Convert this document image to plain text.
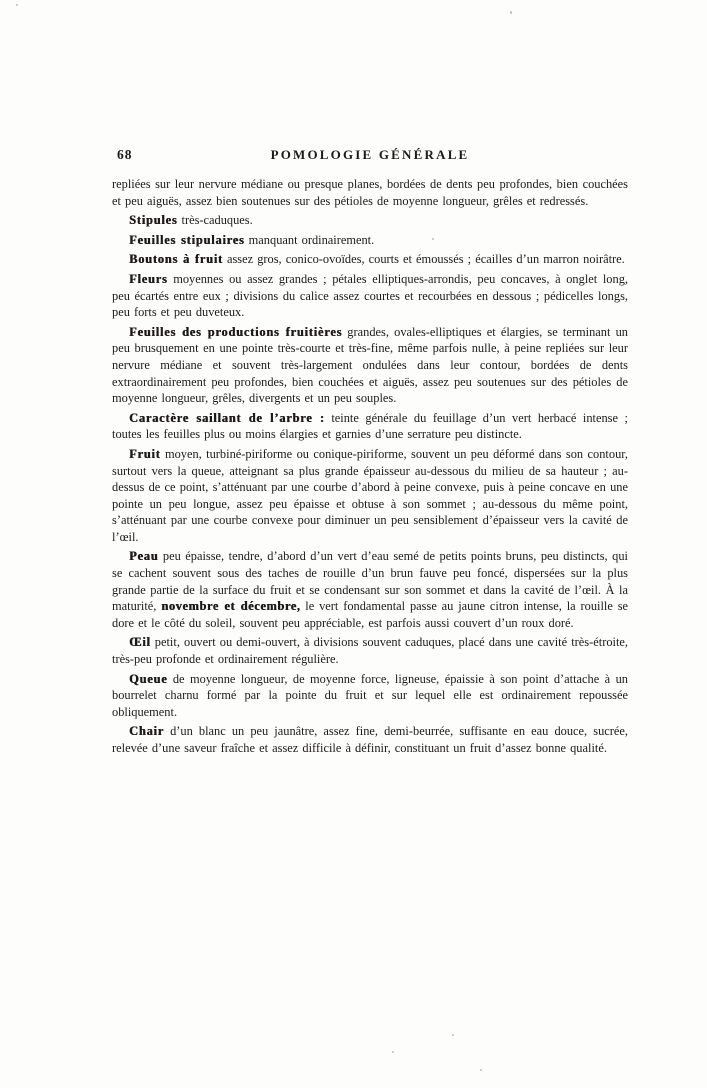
68	POMOLOGIE GÉNÉRALE

repliées sur leur nervure médiane ou presque planes, bordées de dents peu profondes, bien couchées et peu aiguës, assez bien soutenues sur des pétioles de moyenne longueur, grêles et redressés.

Stipules très-caduques.

Feuilles stipulaires manquant ordinairement.

Boutons à fruit assez gros, conico-ovoïdes, courts et émoussés ; écailles d’un marron noirâtre.

Fleurs moyennes ou assez grandes ; pétales elliptiques-arrondis, peu concaves, à onglet long, peu écartés entre eux ; divisions du calice assez courtes et recourbées en dessous ; pédicelles longs, peu forts et peu duveteux.

Feuilles des productions fruitières grandes, ovales-elliptiques et élargies, se terminant un peu brusquement en une pointe très-courte et très-fine, même parfois nulle, à peine repliées sur leur nervure médiane et souvent très-largement ondulées dans leur contour, bordées de dents extraordinairement peu profondes, bien couchées et aiguës, assez peu soutenues sur des pétioles de moyenne longueur, grêles, divergents et un peu souples.

Caractère saillant de l’arbre : teinte générale du feuillage d’un vert herbacé intense ; toutes les feuilles plus ou moins élargies et garnies d’une serrature peu distincte.

Fruit moyen, turbiné-piriforme ou conique-piriforme, souvent un peu déformé dans son contour, surtout vers la queue, atteignant sa plus grande épaisseur au-dessous du milieu de sa hauteur ; au-dessus de ce point, s’atténuant par une courbe d’abord à peine convexe, puis à peine concave en une pointe un peu longue, assez peu épaisse et obtuse à son sommet ; au-dessous du même point, s’atténuant par une courbe convexe pour diminuer un peu sensiblement d’épaisseur vers la cavité de l’œil.

Peau peu épaisse, tendre, d’abord d’un vert d’eau semé de petits points bruns, peu distincts, qui se cachent souvent sous des taches de rouille d’un brun fauve peu foncé, dispersées sur la plus grande partie de la surface du fruit et se condensant sur son sommet et dans la cavité de l’œil. À la maturité, novembre et décembre, le vert fondamental passe au jaune citron intense, la rouille se dore et le côté du soleil, souvent peu appréciable, est parfois aussi couvert d’un roux doré.

Œil petit, ouvert ou demi-ouvert, à divisions souvent caduques, placé dans une cavité très-étroite, très-peu profonde et ordinairement régulière.

Queue de moyenne longueur, de moyenne force, ligneuse, épaissie à son point d’attache à un bourrelet charnu formé par la pointe du fruit et sur lequel elle est ordinairement repoussée obliquement.

Chair d’un blanc un peu jaunâtre, assez fine, demi-beurrée, suffisante en eau douce, sucrée, relevée d’une saveur fraîche et assez difficile à définir, constituant un fruit d’assez bonne qualité.
